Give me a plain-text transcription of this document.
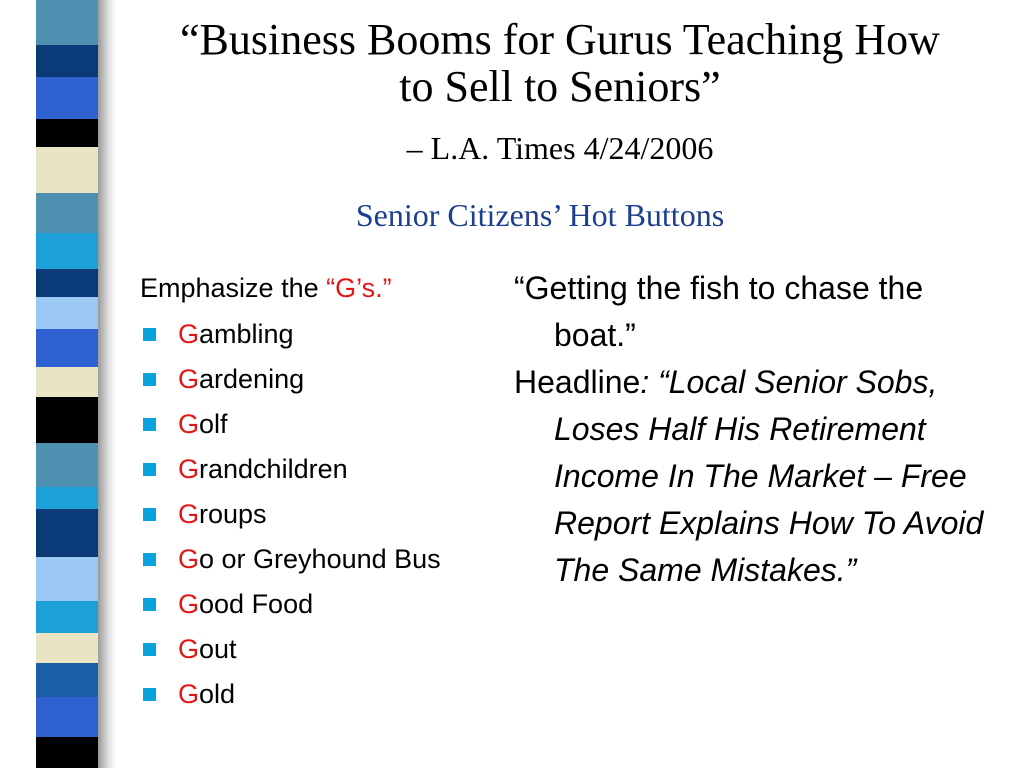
“Business Booms for Gurus Teaching How to Sell to Seniors”
– L.A. Times 4/24/2006
Senior Citizens’ Hot Buttons
Emphasize the “G’s.”
Gambling
Gardening
Golf
Grandchildren
Groups
Go or Greyhound Bus
Good Food
Gout
Gold

“Getting the fish to chase the boat.”

Headline: “Local Senior Sobs, Loses Half His Retirement Income In The Market – Free Report Explains How To Avoid The Same Mistakes.”
